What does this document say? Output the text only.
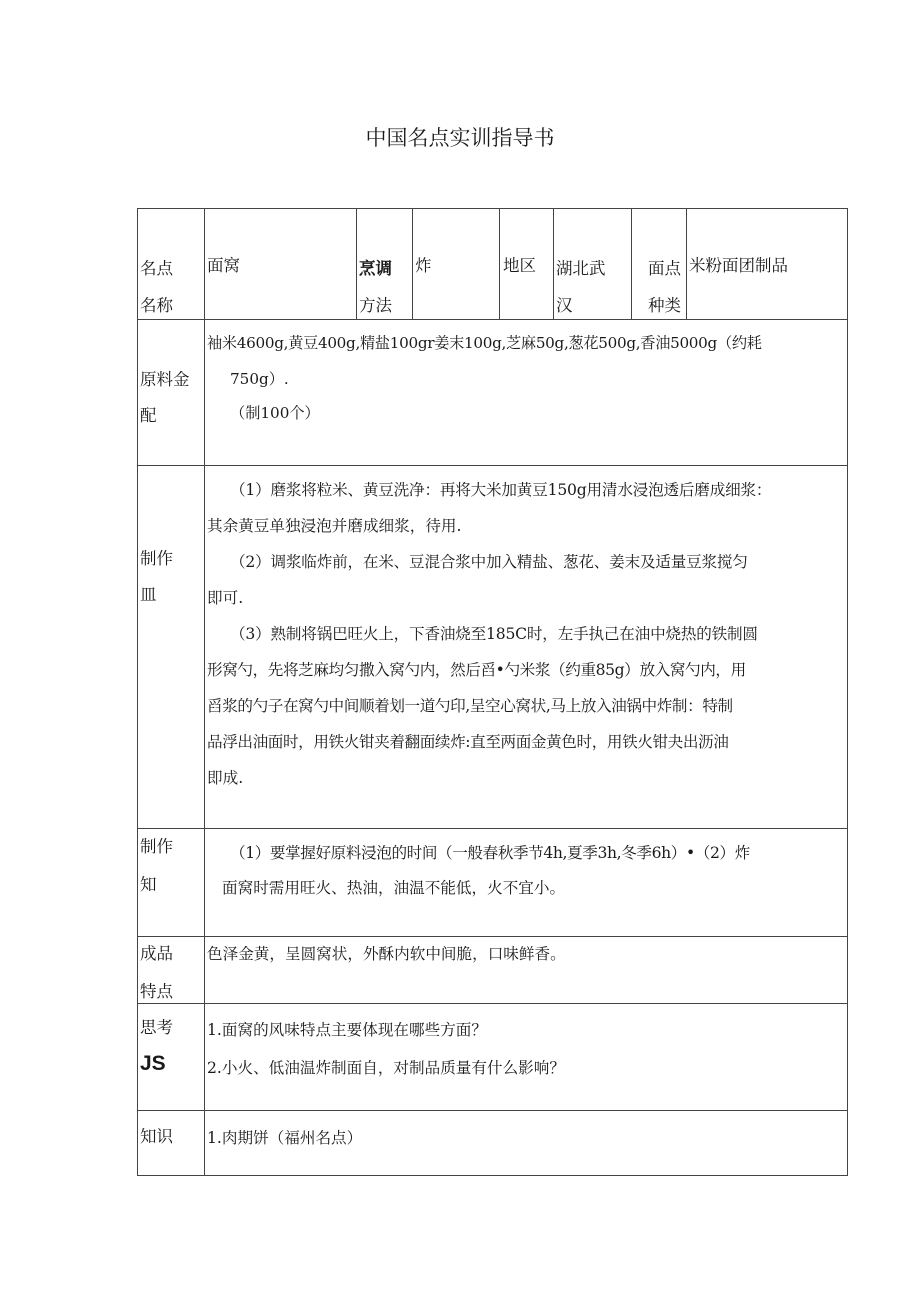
中国名点实训指导书
名点
名称
面窝	烹调
方法
炸	地区 湖北武
汉
面点
种类
米粉面团制品
原料金
配
袖米4600g,黄豆400g,精盐100gr姜末100g,芝麻50g,葱花500g,香油5000g（约耗
750g）.
（制100个）
制作
皿
（1）磨浆将粒米、黄豆洗净：再将大米加黄豆150g用清水浸泡透后磨成细浆：
其余黄豆单独浸泡并磨成细浆，待用.
（2）调浆临炸前，在米、豆混合浆中加入精盐、葱花、姜末及适量豆浆搅匀
即可.
（3）熟制将锅巴旺火上，下香油烧至185C时，左手执己在油中烧热的铁制圆
形窝勺，先将芝麻均匀撒入窝勺内，然后舀•勺米浆（约重85g）放入窝勺内，用
舀浆的勺子在窝勺中间顺着划一道勺印,呈空心窝状,马上放入油锅中炸制：特制
品浮出油面时，用铁火钳夹着翻面续炸:直至两面金黄色时，用铁火钳夬出沥油
即成.
制作
知
（1）要掌握好原料浸泡的时间（一般春秋季节4h,夏季3h,冬季6h）•（2）炸
面窝时需用旺火、热油，油温不能低，火不宜小。
成品
特点
色泽金黄，呈圆窝状，外酥内软中间脆，口味鲜香。
思考
JS
1.面窝的风味特点主要体现在哪些方面？
2.小火、低油温炸制面自，对制品质量有什么影响？
知识 1.肉期饼（福州名点）
